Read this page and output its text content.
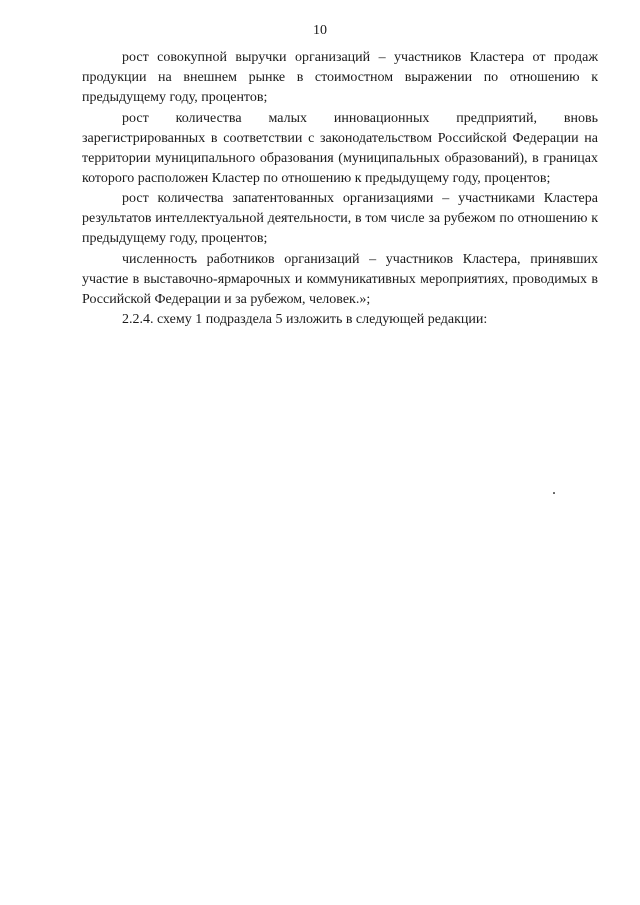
10

рост совокупной выручки организаций – участников Кластера от продаж продукции на внешнем рынке в стоимостном выражении по отношению к предыдущему году, процентов;

рост количества малых инновационных предприятий, вновь зарегистрированных в соответствии с законодательством Российской Федерации на территории муниципального образования (муниципальных образований), в границах которого расположен Кластер по отношению к предыдущему году, процентов;

рост количества запатентованных организациями – участниками Кластера результатов интеллектуальной деятельности, в том числе за рубежом по отношению к предыдущему году, процентов;

численность работников организаций – участников Кластера, принявших участие в выставочно-ярмарочных и коммуникативных мероприятиях, проводимых в Российской Федерации и за рубежом, человек.»;

2.2.4. схему 1 подраздела 5 изложить в следующей редакции:
